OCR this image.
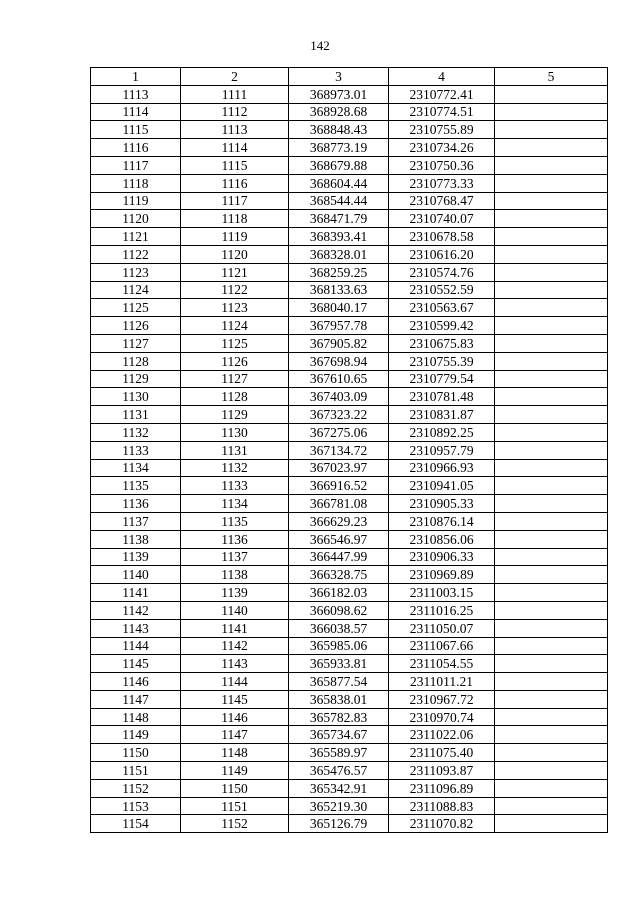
142
1	2	3	4	5
1113	1111	368973.01	2310772.41	
1114	1112	368928.68	2310774.51	
1115	1113	368848.43	2310755.89	
1116	1114	368773.19	2310734.26	
1117	1115	368679.88	2310750.36	
1118	1116	368604.44	2310773.33	
1119	1117	368544.44	2310768.47	
1120	1118	368471.79	2310740.07	
1121	1119	368393.41	2310678.58	
1122	1120	368328.01	2310616.20	
1123	1121	368259.25	2310574.76	
1124	1122	368133.63	2310552.59	
1125	1123	368040.17	2310563.67	
1126	1124	367957.78	2310599.42	
1127	1125	367905.82	2310675.83	
1128	1126	367698.94	2310755.39	
1129	1127	367610.65	2310779.54	
1130	1128	367403.09	2310781.48	
1131	1129	367323.22	2310831.87	
1132	1130	367275.06	2310892.25	
1133	1131	367134.72	2310957.79	
1134	1132	367023.97	2310966.93	
1135	1133	366916.52	2310941.05	
1136	1134	366781.08	2310905.33	
1137	1135	366629.23	2310876.14	
1138	1136	366546.97	2310856.06	
1139	1137	366447.99	2310906.33	
1140	1138	366328.75	2310969.89	
1141	1139	366182.03	2311003.15	
1142	1140	366098.62	2311016.25	
1143	1141	366038.57	2311050.07	
1144	1142	365985.06	2311067.66	
1145	1143	365933.81	2311054.55	
1146	1144	365877.54	2311011.21	
1147	1145	365838.01	2310967.72	
1148	1146	365782.83	2310970.74	
1149	1147	365734.67	2311022.06	
1150	1148	365589.97	2311075.40	
1151	1149	365476.57	2311093.87	
1152	1150	365342.91	2311096.89	
1153	1151	365219.30	2311088.83	
1154	1152	365126.79	2311070.82	
